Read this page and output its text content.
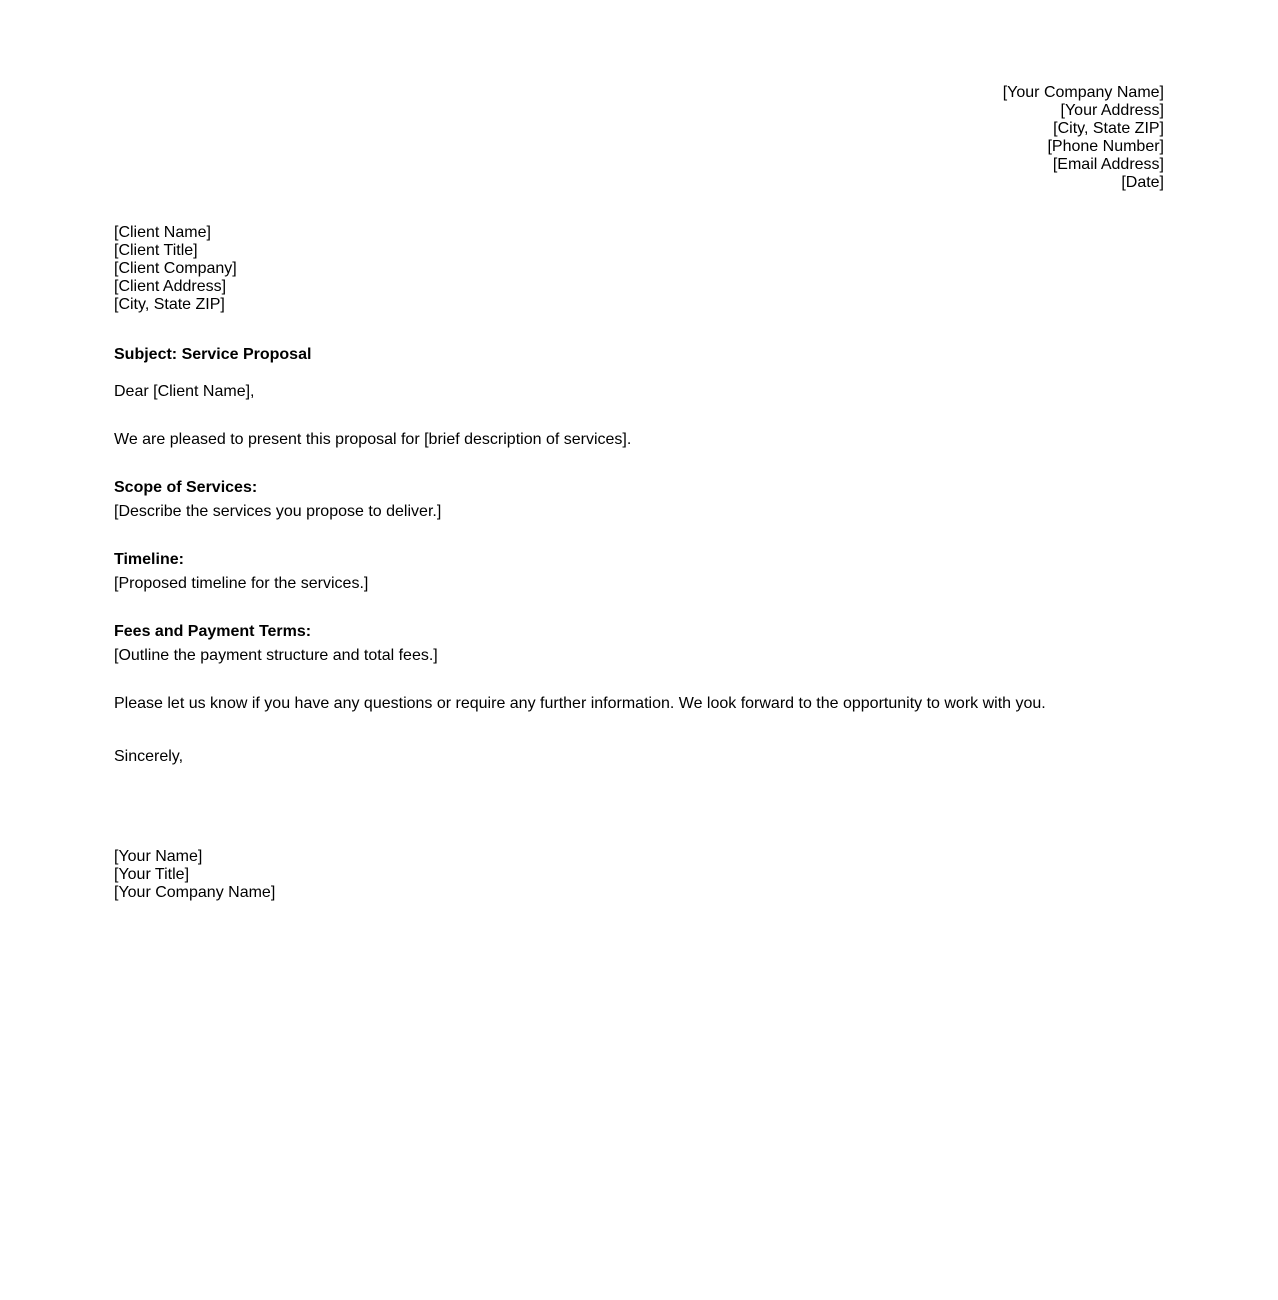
[Your Company Name]
[Your Address]
[City, State ZIP]
[Phone Number]
[Email Address]
[Date]
[Client Name]
[Client Title]
[Client Company]
[Client Address]
[City, State ZIP]
Subject: Service Proposal
Dear [Client Name],
We are pleased to present this proposal for [brief description of services].
Scope of Services:
[Describe the services you propose to deliver.]
Timeline:
[Proposed timeline for the services.]
Fees and Payment Terms:
[Outline the payment structure and total fees.]
Please let us know if you have any questions or require any further information. We look forward to the opportunity to work with you.
Sincerely,
[Your Name]
[Your Title]
[Your Company Name]
